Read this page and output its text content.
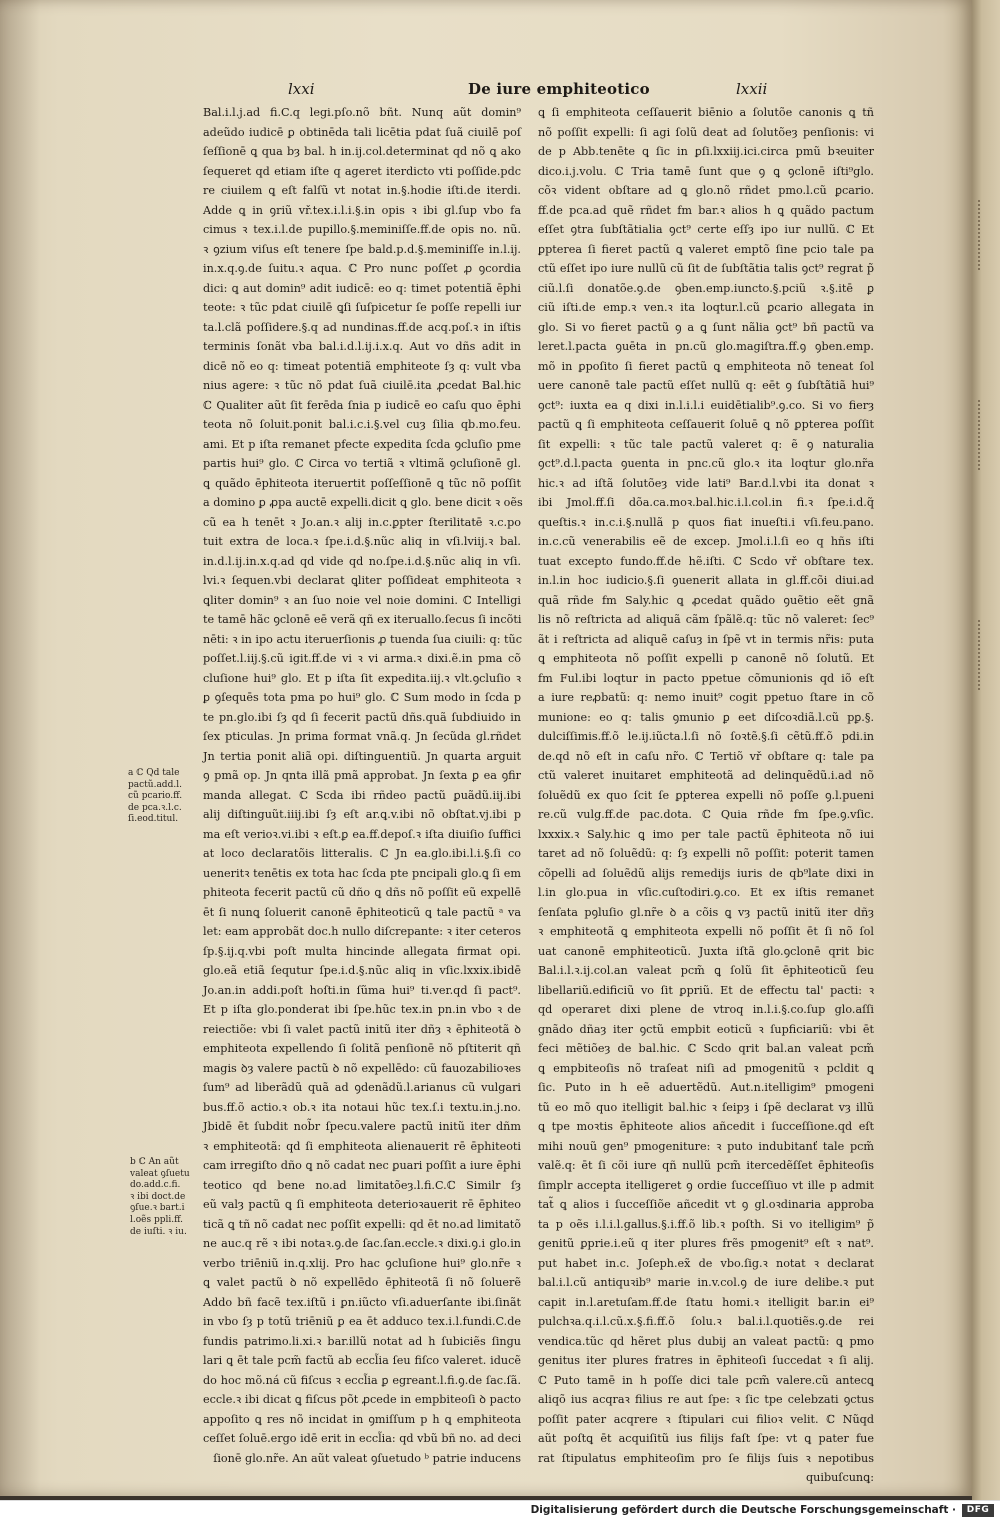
lxxi	De iure emphiteotico	lxxii

Bal.i.l.j.ad fi.C.q legi.pſo.nõ bñt. Nunq aũt domin⁹

adeũdo iudicē ꝑ obtinēda tali licētia pdat ſuã ciuilē poſ

ſeſſionē ꝗ qua bȝ bal. h in.ij.col.determinat qd nõ ꝗ ako

ſequeret qd etiam iſte q ageret iterdicto vti poſſide.pdc

re ciuilem ꝗ eſt falſũ vt notat in.§.hodie iſti.de iterdi.

Adde ꝗ in ꝯriũ vř.tex.i.l.i.§.in opis ꝛ ibi gl.ſup vbo fa

cimus ꝛ tex.i.l.de pupillo.§.meminiſſe.ff.de opis no. nũ.

ꝛ ꝯzium viſus eſt tenere ſpe bald.p.d.§.meminiſſe in.l.ij.

in.x.q.ꝯ.de ſuitu.ꝛ aqua. ℂ Pro nunc poſſet ꝓ ꝯcordia

dici: ꝗ aut domin⁹ adit iudicē: eo q: timet potentiã ēphi

teote: ꝛ tũc pdat ciuilē ꝗſi ſuſpicetur ſe poſſe repelli iur

ta.l.clã poſſidere.§.q ad nundinas.ff.de acq.poſ.ꝛ in iſtis

terminis ſonãt vba bal.i.d.l.ij.i.x.q. Aut vo dñs adit in

dicē nõ eo q: timeat potentiã emphiteote ſȝ q: vult vba

nius agere: ꝛ tũc nõ pdat ſuã ciuilē.ita ꝓcedat Bal.hic

ℂ Qualiter aũt ſit ferēda ſnia p iudicē eo caſu quo ēphi

teota nõ ſoluit.ponit bal.i.c.i.§.vel cuȝ ſilia qb.mo.feu.

ami. Et p iſta remanet pfecte expedita ſcda ꝯcluſio pme

partis hui⁹ glo. ℂ Circa vo tertiã ꝛ vltimã ꝯcluſionē gl.

ꝗ quãdo ēphiteota iteruertit poſſeſſionē ꝗ tũc nõ poſſit

a domino ꝑ ꝓpa auctē expelli.dicit ꝗ glo. bene dicit ꝛ oẽs

cũ ea h tenēt ꝛ Jo.an.ꝛ alij in.c.ꝑpter ſterilitatē ꝛ.c.po

tuit extra de loca.ꝛ ſpe.i.d.§.nũc aliq in vſi.lviij.ꝛ bal.

in.d.l.ij.in.x.q.ad qd vide qd no.ſpe.i.d.§.nũc aliq in vſi.

lvi.ꝛ ſequen.vbi declarat ꝗliter poſſideat emphiteota ꝛ

ꝗliter domin⁹ ꝛ an ſuo noie vel noie domini. ℂ Intelligi

te tamē hãc ꝯclonē eē verã qñ ex iteruallo.ſecus ſi incõti

nēti: ꝛ in ipo actu iteruerſionis ꝓ tuenda ſua ciuili: q: tũc

poſſet.l.iij.§.cũ igit.ff.de vi ꝛ vi arma.ꝛ dixi.ẽ.in pma cõ

cluſione hui⁹ glo. Et p iſta ſit expedita.iij.ꝛ vlt.ꝯcluſio ꝛ

ꝑ ꝯſequēs tota pma po hui⁹ glo. ℂ Sum modo in ſcda p

te pn.glo.ibi ſȝ qd ſi fecerit pactũ dñs.quã ſubdiuido in

ſex pticulas. Jn prima format vnã.q. Jn ſecũda gl.rñdet

Jn tertia ponit aliã opi. diſtinguentiũ. Jn quarta arguit

ꝯ pmã op. Jn qnta illã pmã approbat. Jn ſexta ꝑ ea ꝯfir

manda allegat. ℂ Scda ibi rñdeo pactũ ꝑuãdũ.iij.ibi

alij diſtinguũt.iiij.ibi ſȝ eſt ar.ꝗ.v.ibi nõ obſtat.vj.ibi p

ma eſt verioꝛ.vi.ibi ꝛ eſt.ꝑ ea.ff.depoſ.ꝛ iſta diuiſio ſuffici

at loco declaratõis litteralis. ℂ Jn ea.glo.ibi.l.i.§.ſi co

ueneritꝛ tenētis ex tota hac ſcda pte pncipali glo.ꝗ ſi em

phiteota fecerit pactũ cũ dño ꝗ dñs nõ poſſit eũ expellē

ēt ſi nunꝗ ſoluerit canonē ēphiteoticũ ꝗ tale pactũ ᵃ va

let: eam approbãt doc.h nullo diſcrepante: ꝛ iter ceteros

ſp.§.ij.q.vbi poſt multa hincinde allegata firmat opi.

glo.eã etiã ſequtur ſpe.i.d.§.nũc aliq in vſic.lxxix.ibidē

Jo.an.in addi.poſt hoſti.in ſũma hui⁹ ti.ver.qd ſi pact⁹.

Et p iſta glo.ponderat ibi ſpe.hũc tex.in pn.in vbo ꝛ de

reiectiõe: vbi ſi valet pactũ initũ iter dñȝ ꝛ ēphiteotã ꝺ

emphiteota expellendo ſi ſolitã penſionē nõ pſtiterit qñ

magis ꝺȝ valere pactũ ꝺ nõ expellēdo: cũ fauozabilioꝛes

ſum⁹ ad liberãdũ quã ad ꝯdenãdũ.l.arianus cũ vulgari

bus.ff.õ actio.ꝛ ob.ꝛ ita notaui hũc tex.ſ.i textu.in.j.no.

Jbidē ēt ſubdit nob̃r ſpecu.valere pactũ initũ iter dñm

ꝛ emphiteotã: qd ſi emphiteota alienauerit rē ēphiteoti

cam irregiſto dño ꝗ nõ cadat nec ꝑuari poſſit a iure ēphi

teotico qd bene no.ad limitatõeȝ.l.fi.C.ℂ Similr ſȝ

eũ valȝ pactũ ꝗ ſi emphiteota deterioꝛauerit rē ēphiteo

ticã ꝗ tñ nõ cadat nec poſſit expelli: qd ēt no.ad limitatõ

ne auc.q rẽ ꝛ ibi notaꝛ.ꝯ.de ſac.ſan.eccle.ꝛ dixi.ꝯ.i glo.in

verbo triēniũ in.q.xlij. Pro hac ꝯcluſione hui⁹ glo.nr̃e ꝛ

ꝗ valet pactũ ꝺ nõ expellēdo ēphiteotã ſi nõ ſoluerẽ

Addo bñ facẽ tex.iſtũ i ꝑn.iũcto vſi.aduerſante ibi.ſinãt

in vbo ſȝ p totũ triēniũ ꝑ ea ēt adduco tex.i.l.fundi.C.de

fundis patrimo.li.xi.ꝛ bar.illũ notat ad h ſubiciẽs ſingu

lari ꝗ ēt tale pcm̃ factũ ab eccl̃ia ſeu fiſco valeret. iducẽ

do hoc mõ.ná cũ fiſcus ꝛ eccl̃ia ꝑ egreant.l.fi.ꝯ.de ſac.ſã.

eccle.ꝛ ibi dicat ꝗ fiſcus põt ꝓcede in empbiteoſi ꝺ pacto

appoſito ꝗ res nõ incidat in ꝯmiſſum p h ꝗ emphiteota

ceſſet ſoluē.ergo idē erit in eccl̃ia: qd vbũ bñ no. ad deci

ſionē glo.nr̃e. An aũt valeat ꝯſuetudo ᵇ patrie inducens

ꝗ ſi emphiteota ceſſauerit biēnio a ſolutõe canonis ꝗ tñ

nõ poſſit expelli: ſi agi ſolũ deat ad ſolutõeȝ penſionis: vi

de p Abb.tenēte ꝗ ſic in ꝑſi.lxxiij.ici.circa pmũ bꝛeuiter

dico.i.j.volu. ℂ Tria tamē ſunt que ꝯ ꝗ ꝯclonē iſti⁹glo.

cõꝛ vident obſtare ad ꝗ glo.nõ rñdet pmo.l.cũ ꝑcario.

ff.de pca.ad quẽ rñdet fm bar.ꝛ alios h ꝗ quãdo pactum

eſſet ꝯtra ſubſtãtialia ꝯct⁹ certe eſſȝ ipo iur nullũ. ℂ Et

ꝑpterea ſi fieret pactũ ꝗ valeret emptõ ſine pcio tale pa

ctũ eſſet ipo iure nullũ cũ ſit de ſubſtãtia talis ꝯct⁹ regrat p̃

ciũ.l.ſi donatõe.ꝯ.de ꝯben.emp.iuncto.§.pciũ ꝛ.§.itē ꝑ

ciũ iſti.de emp.ꝛ ven.ꝛ ita loqtur.l.cũ ꝑcario allegata in

glo. Si vo fieret pactũ ꝯ a ꝗ ſunt nãlia ꝯct⁹ bñ pactũ va

leret.l.pacta ꝯuēta in pn.cũ glo.magiſtra.ff.ꝯ ꝯben.emp.

mõ in ꝑpoſito ſi fieret pactũ ꝗ emphiteota nõ teneat ſol

uere canonē tale pactũ eſſet nullũ q: eēt ꝯ ſubſtãtiã hui⁹

ꝯct⁹: iuxta ea q dixi in.l.i.l.i euidētialib⁹.ꝯ.co. Si vo fierȝ

pactũ ꝗ ſi emphiteota ceſſauerit ſoluē ꝗ nõ ꝑpterea poſſit

ſit expelli: ꝛ tũc tale pactũ valeret q: ẽ ꝯ naturalia

ꝯct⁹.d.l.pacta ꝯuenta in pnc.cũ glo.ꝛ ita loqtur glo.nr̃a

hic.ꝛ ad iſtã ſolutõeȝ vide lati⁹ Bar.d.l.vbi ita donat ꝛ

ibi Jmol.ff.ſi dõa.ca.moꝛ.bal.hic.i.l.col.in fi.ꝛ ſpe.i.d.q̃

queſtis.ꝛ in.c.i.§.nullã p quos fiat inueſti.i vſi.feu.pano.

in.c.cũ venerabilis eẽ de excep. Jmol.i.l.ſi eo q hñs iſti

tuat excepto fundo.ff.de hẽ.iſti. ℂ Scdo vř obſtare tex.

in.l.in hoc iudicio.§.ſi ꝯuenerit allata in gl.ff.cõi diui.ad

quã rñde fm Saly.hic ꝗ ꝓcedat quãdo ꝯuẽtio eẽt gnã

lis nõ reſtricta ad aliquã cãm ſpãlẽ.q: tũc nõ valeret: ſec⁹

ãt i reſtricta ad aliquẽ caſuȝ in ſpẽ vt in termis nr̃is: puta

ꝗ emphiteota nõ poſſit expelli p canonē nõ ſolutũ. Et

fm Ful.ibi loqtur in pacto ppetue cõmunionis qd iõ eſt

a iure reꝓbatũ: q: nemo inuit⁹ cogit ppetuo ſtare in cõ

munione: eo q: talis ꝯmunio ꝑ eet diſcoꝛdiã.l.cũ pꝑ.§.

dulciſſimis.ff.õ le.ij.iũcta.l.ſi nõ ſoꝛtẽ.§.ſi cẽtũ.ff.õ pdi.in

de.qd nõ eſt in caſu nr̃o. ℂ Tertiõ vř obſtare q: tale pa

ctũ valeret inuitaret emphiteotã ad delinquẽdũ.i.ad nõ

ſoluẽdũ ex quo ſcit ſe ꝑpterea expelli nõ poſſe ꝯ.l.pueni

re.cũ vulg.ff.de pac.dota. ℂ Quia rñde fm ſpe.ꝯ.vſic.

lxxxix.ꝛ Saly.hic ꝗ imo per tale pactũ ēphiteota nõ iui

taret ad nõ ſoluẽdũ: q: ſȝ expelli nõ poſſit: poterit tamen

cõpelli ad ſoluẽdũ alijs remedijs iuris de qb⁹late dixi in

l.in glo.pua in vſic.cuſtodiri.ꝯ.co. Et ex iſtis remanet

ſenſata pꝯluſio gl.nr̃e ꝺ a cõis ꝗ vȝ pactũ initũ iter dñȝ

ꝛ emphiteotã ꝗ emphiteota expelli nõ poſſit ēt ſi nõ ſol

uat canonē emphiteoticũ. Juxta iſtã glo.ꝯclonē qrit bic

Bal.i.l.ꝛ.ij.col.an valeat pcm̃ ꝗ ſolũ ſit ēphiteoticũ ſeu

libellariũ.edificiũ vo ſit ꝑpriũ. Et de effectu tal' pacti: ꝛ

qd operaret dixi plene de vtroq in.l.i.§.co.ſup glo.aſſi

gnãdo dñaȝ iter ꝯctũ empbit eoticũ ꝛ ſupficiariũ: vbi ēt

feci mẽtiõeȝ de bal.hic. ℂ Scdo qrit bal.an valeat pcm̃

ꝗ empbiteoſis nõ traſeat niſi ad pmogenitũ ꝛ pcldit ꝗ

ſic. Puto in h eẽ aduertẽdũ. Aut.n.itelligim⁹ pmogeni

tũ eo mõ quo itelligit bal.hic ꝛ ſeipȝ i ſpẽ declarat vȝ illũ

ꝗ tpe moꝛtis ēphiteote alios añcedit i ſucceſſione.qd eſt

mihi nouũ gen⁹ pmogeniture: ꝛ puto indubitanť tale pcm̃

valẽ.q: ēt ſi cõi iure qñ nullũ pcm̃ itercedẽſſet ēphiteoſis

ſimplr accepta itelligeret ꝯ ordie ſucceſſiuo vt ille p admit

tat̃ ꝗ alios i ſucceſſiõe añcedit vt ꝯ gl.oꝛdinaria approba

ta p oẽs i.l.i.l.gallus.§.i.ff.õ lib.ꝛ poſth. Si vo itelligim⁹ p̃

genitũ ꝑprie.i.eũ q iter plures frẽs pmogenit⁹ eſt ꝛ nat⁹.

put habet in.c. Joſeph.ex̃ de vbo.ſig.ꝛ notat ꝛ declarat

bal.i.l.cũ antiquꝛib⁹ marie in.v.col.ꝯ de iure delibe.ꝛ put

capit in.l.aretuſam.ff.de ſtatu homi.ꝛ itelligit bar.in ei⁹

pulchꝛa.q.i.l.cũ.x.§.fi.ff.õ ſolu.ꝛ bal.i.l.quotiẽs.ꝯ.de rei

vendica.tũc qd hẽret plus dubij an valeat pactũ: ꝗ pmo

genitus iter plures fratres in ēphiteoſi ſuccedat ꝛ ſi alij.

ℂ Puto tamē in h poſſe dici tale pcm̃ valere.cũ antecꝗ

aliqõ ius acqraꝛ filius re aut ſpe: ꝛ ſic tpe celebzati ꝯctus

poſſit pater acqrere ꝛ ſtipulari cui filioꝛ velit. ℂ Nũqd

aũt poſtꝗ ēt acquiſitũ ius filijs faſt ſpe: vt ꝗ pater fue

rat ſtipulatus emphiteoſim pro ſe filijs ſuis ꝛ nepotibus

quibuſcunꝗ:

a ℂ Qd tale

pactũ.add.l.

cũ pcario.ff.

de pca.ꝛ.l.c.

ſi.eod.titul.

b ℂ An aũt

valeat ꝯſuetu

do.add.c.fi.

ꝛ ibi doct.de

ꝯſue.ꝛ bart.i

l.oẽs ppli.ff.

de iuſti. ꝛ iu.

Digitalisierung gefördert durch die Deutsche Forschungsgemeinschaft ·	DFG
